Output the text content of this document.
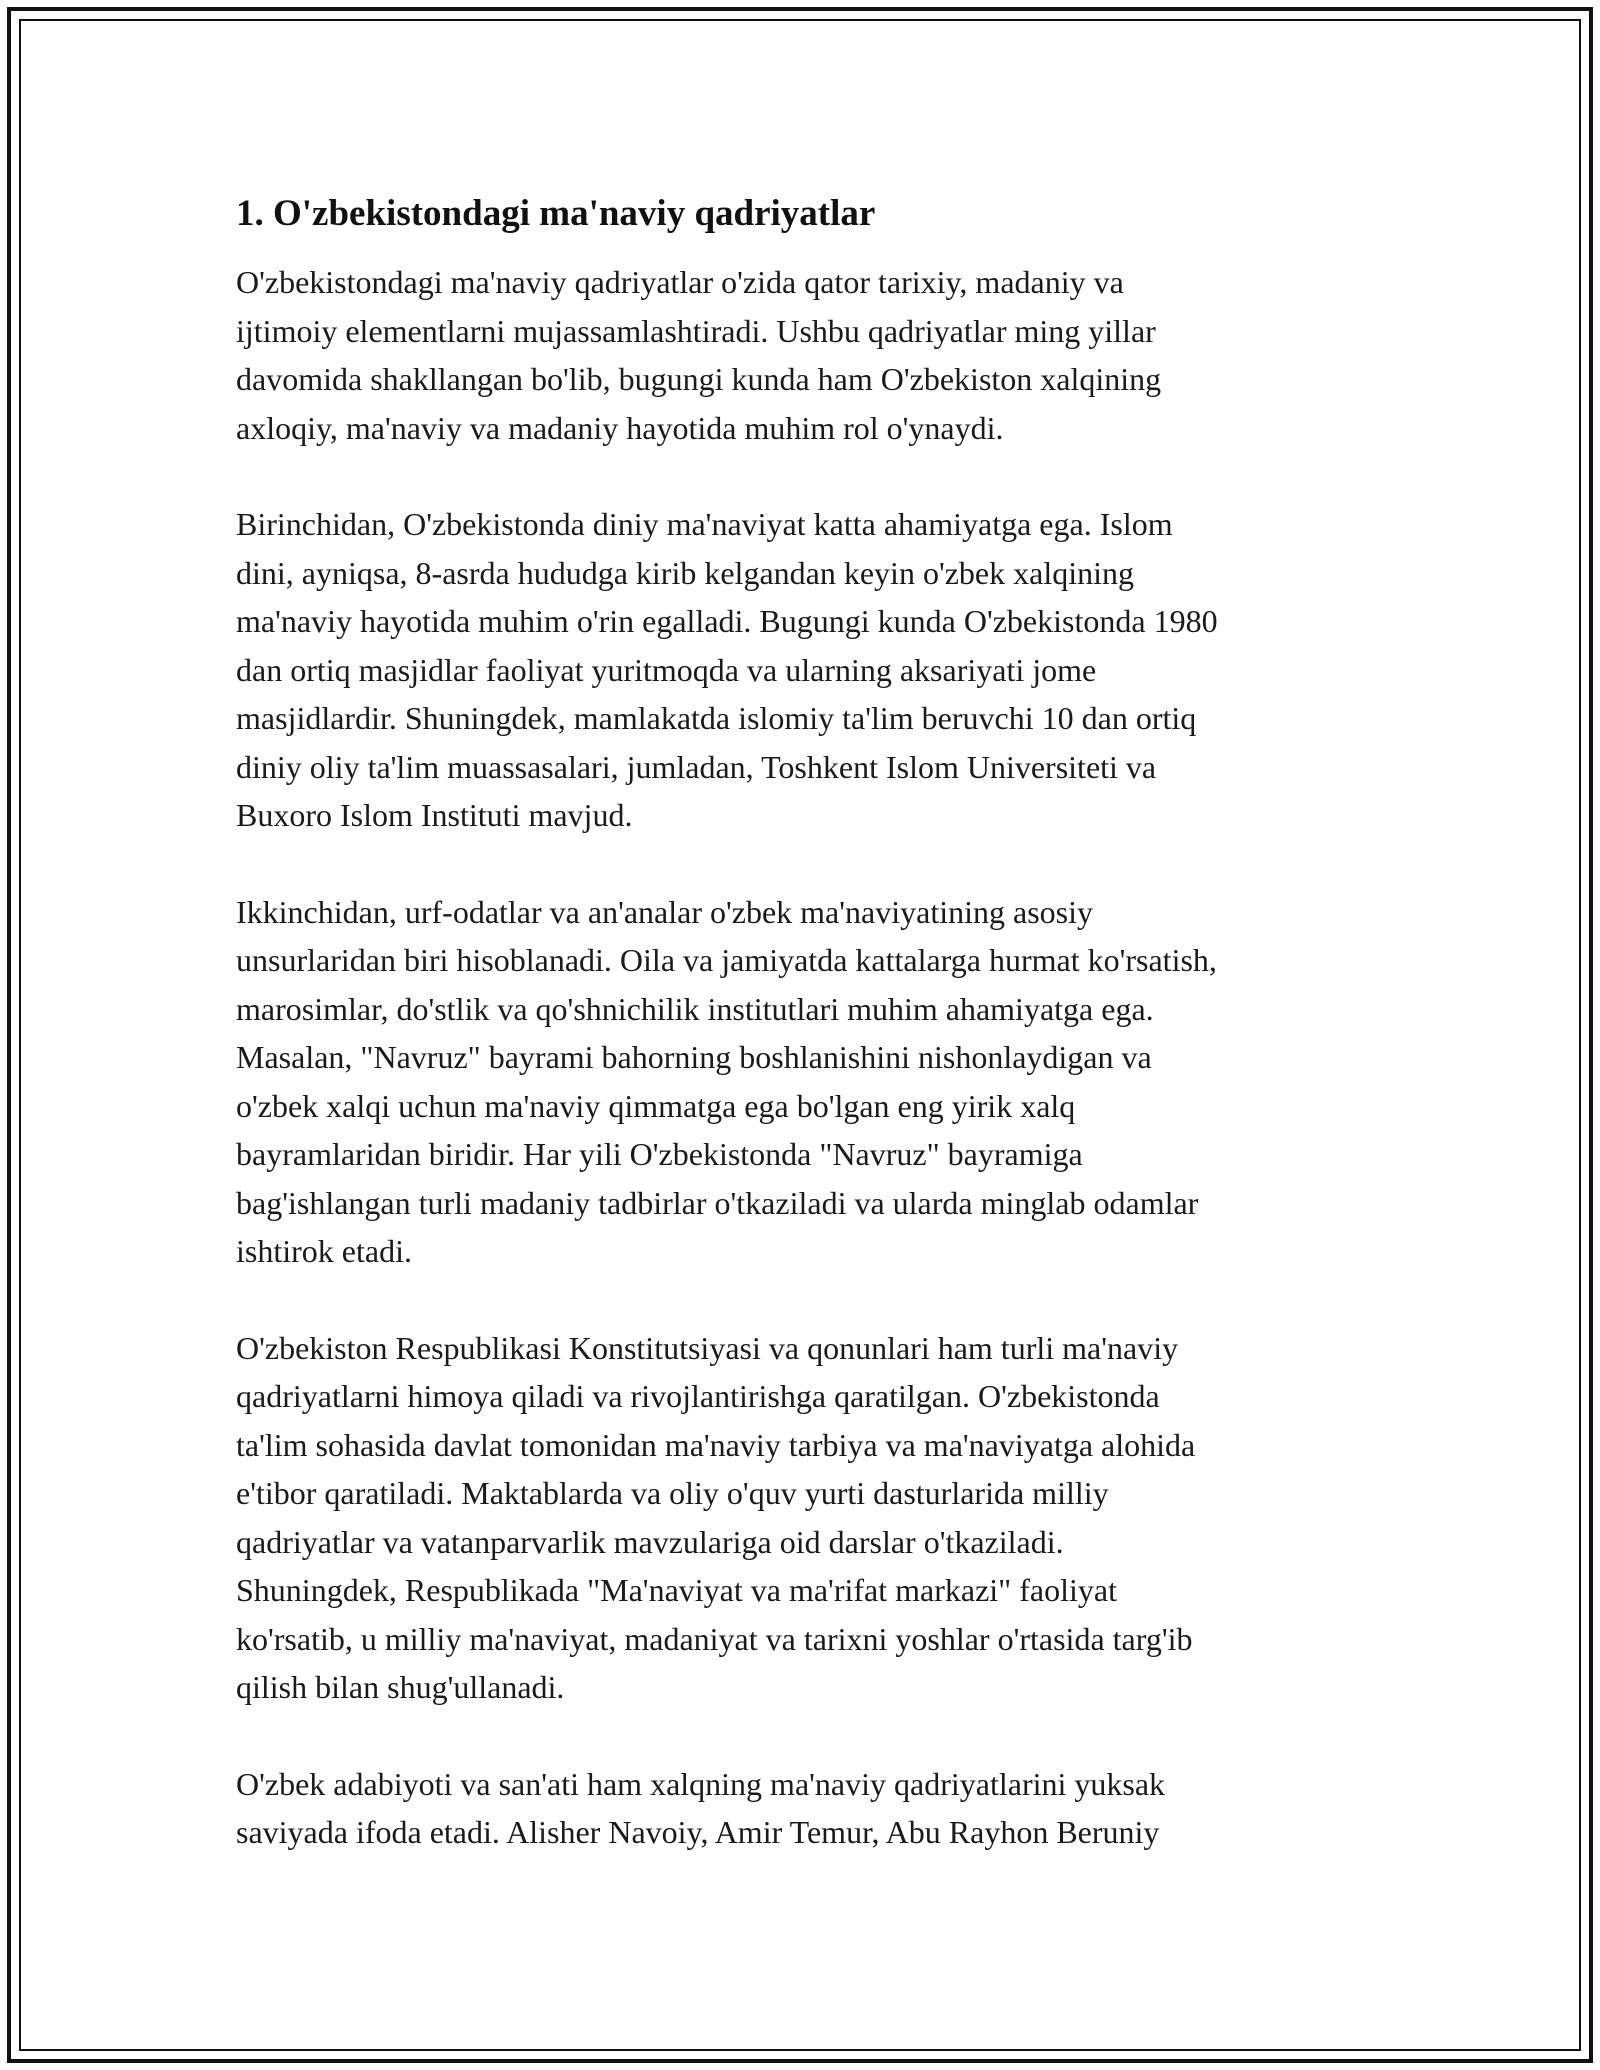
1. O'zbekistondagi ma'naviy qadriyatlar

O'zbekistondagi ma'naviy qadriyatlar o'zida qator tarixiy, madaniy va
ijtimoiy elementlarni mujassamlashtiradi. Ushbu qadriyatlar ming yillar
davomida shakllangan bo'lib, bugungi kunda ham O'zbekiston xalqining
axloqiy, ma'naviy va madaniy hayotida muhim rol o'ynaydi.

Birinchidan, O'zbekistonda diniy ma'naviyat katta ahamiyatga ega. Islom
dini, ayniqsa, 8-asrda hududga kirib kelgandan keyin o'zbek xalqining
ma'naviy hayotida muhim o'rin egalladi. Bugungi kunda O'zbekistonda 1980
dan ortiq masjidlar faoliyat yuritmoqda va ularning aksariyati jome
masjidlardir. Shuningdek, mamlakatda islomiy ta'lim beruvchi 10 dan ortiq
diniy oliy ta'lim muassasalari, jumladan, Toshkent Islom Universiteti va
Buxoro Islom Instituti mavjud.

Ikkinchidan, urf-odatlar va an'analar o'zbek ma'naviyatining asosiy
unsurlaridan biri hisoblanadi. Oila va jamiyatda kattalarga hurmat ko'rsatish,
marosimlar, do'stlik va qo'shnichilik institutlari muhim ahamiyatga ega.
Masalan, "Navruz" bayrami bahorning boshlanishini nishonlaydigan va
o'zbek xalqi uchun ma'naviy qimmatga ega bo'lgan eng yirik xalq
bayramlaridan biridir. Har yili O'zbekistonda "Navruz" bayramiga
bag'ishlangan turli madaniy tadbirlar o'tkaziladi va ularda minglab odamlar
ishtirok etadi.

O'zbekiston Respublikasi Konstitutsiyasi va qonunlari ham turli ma'naviy
qadriyatlarni himoya qiladi va rivojlantirishga qaratilgan. O'zbekistonda
ta'lim sohasida davlat tomonidan ma'naviy tarbiya va ma'naviyatga alohida
e'tibor qaratiladi. Maktablarda va oliy o'quv yurti dasturlarida milliy
qadriyatlar va vatanparvarlik mavzulariga oid darslar o'tkaziladi.
Shuningdek, Respublikada "Ma'naviyat va ma'rifat markazi" faoliyat
ko'rsatib, u milliy ma'naviyat, madaniyat va tarixni yoshlar o'rtasida targ'ib
qilish bilan shug'ullanadi.

O'zbek adabiyoti va san'ati ham xalqning ma'naviy qadriyatlarini yuksak
saviyada ifoda etadi. Alisher Navoiy, Amir Temur, Abu Rayhon Beruniy
